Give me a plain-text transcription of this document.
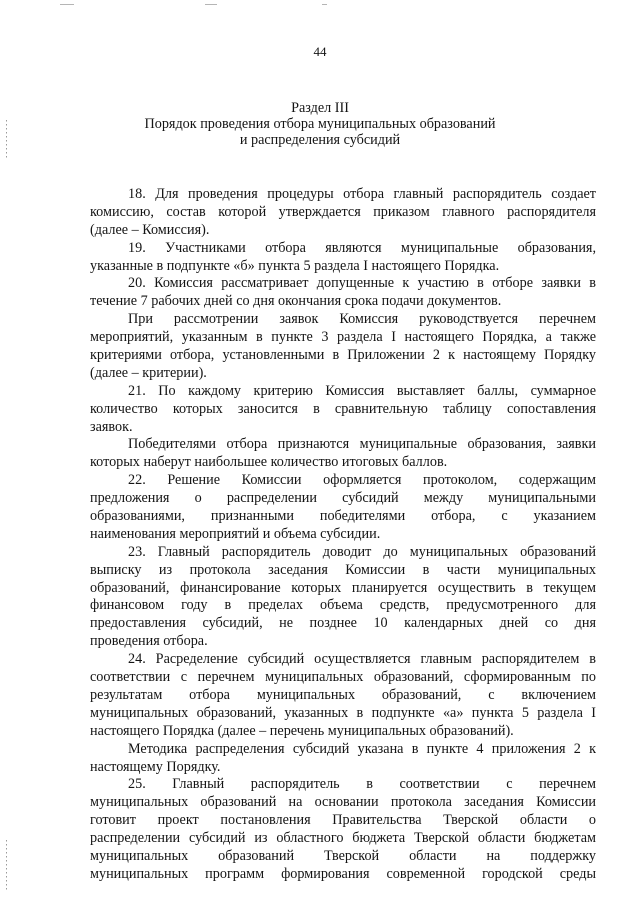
44
Раздел III
Порядок проведения отбора муниципальных образований
и распределения субсидий
18. Для проведения процедуры отбора главный распорядитель создает
комиссию, состав которой утверждается приказом главного распорядителя
(далее – Комиссия).
19. Участниками отбора являются муниципальные образования,
указанные в подпункте «б» пункта 5 раздела I настоящего Порядка.
20. Комиссия рассматривает допущенные к участию в отборе заявки в
течение 7 рабочих дней со дня окончания срока подачи документов.
При рассмотрении заявок Комиссия руководствуется перечнем
мероприятий, указанным в пункте 3 раздела I настоящего Порядка, а также
критериями отбора, установленными в Приложении 2 к настоящему Порядку
(далее – критерии).
21. По каждому критерию Комиссия выставляет баллы, суммарное
количество которых заносится в сравнительную таблицу сопоставления
заявок.
Победителями отбора признаются муниципальные образования, заявки
которых наберут наибольшее количество итоговых баллов.
22. Решение Комиссии оформляется протоколом, содержащим
предложения о распределении субсидий между муниципальными
образованиями, признанными победителями отбора, с указанием
наименования мероприятий и объема субсидии.
23. Главный распорядитель доводит до муниципальных образований
выписку из протокола заседания Комиссии в части муниципальных
образований, финансирование которых планируется осуществить в текущем
финансовом году в пределах объема средств, предусмотренного для
предоставления субсидий, не позднее 10 календарных дней со дня
проведения отбора.
24. Расределение субсидий осуществляется главным распорядителем в
соответствии с перечнем муниципальных образований, сформированным по
результатам отбора муниципальных образований, с включением
муниципальных образований, указанных в подпункте «а» пункта 5 раздела I
настоящего Порядка (далее – перечень муниципальных образований).
Методика распределения субсидий указана в пункте 4 приложения 2 к
настоящему Порядку.
25. Главный распорядитель в соответствии с перечнем
муниципальных образований на основании протокола заседания Комиссии
готовит проект постановления Правительства Тверской области о
распределении субсидий из областного бюджета Тверской области бюджетам
муниципальных образований Тверской области на поддержку
муниципальных программ формирования современной городской среды
